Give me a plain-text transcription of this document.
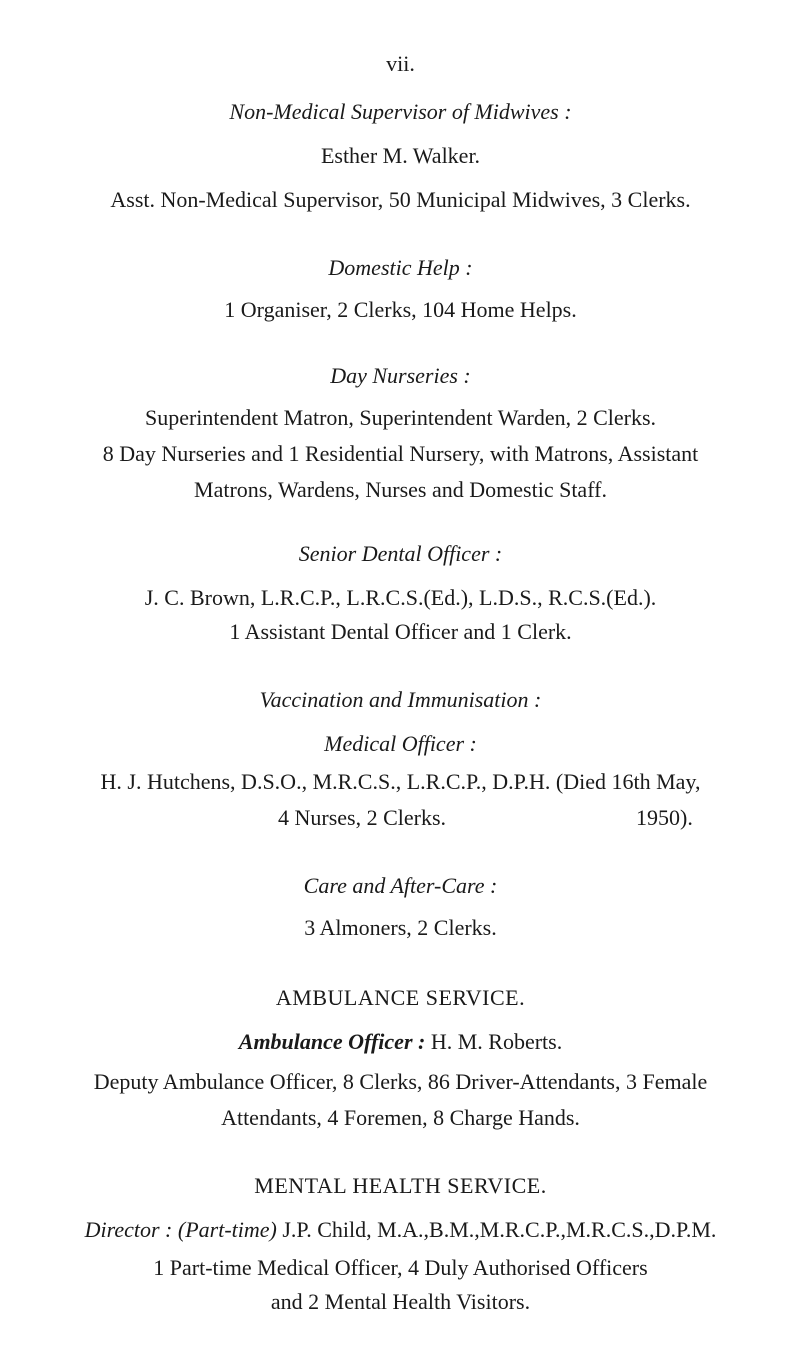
vii.
Non-Medical Supervisor of Midwives :
Esther M. Walker.
Asst. Non-Medical Supervisor, 50 Municipal Midwives, 3 Clerks.
Domestic Help :
1 Organiser, 2 Clerks, 104 Home Helps.
Day Nurseries :
Superintendent Matron, Superintendent Warden, 2 Clerks.
8 Day Nurseries and 1 Residential Nursery, with Matrons, Assistant
Matrons, Wardens, Nurses and Domestic Staff.
Senior Dental Officer :
J. C. Brown, L.R.C.P., L.R.C.S.(Ed.), L.D.S., R.C.S.(Ed.).
1 Assistant Dental Officer and 1 Clerk.
Vaccination and Immunisation :
Medical Officer :
H. J. Hutchens, D.S.O., M.R.C.S., L.R.C.P., D.P.H. (Died 16th May,
4 Nurses, 2 Clerks.	1950).
Care and After-Care :
3 Almoners, 2 Clerks.
AMBULANCE SERVICE.
Ambulance Officer : H. M. Roberts.
Deputy Ambulance Officer, 8 Clerks, 86 Driver-Attendants, 3 Female
Attendants, 4 Foremen, 8 Charge Hands.
MENTAL HEALTH SERVICE.
Director : (Part-time) J.P. Child, M.A.,B.M.,M.R.C.P.,M.R.C.S.,D.P.M.
1 Part-time Medical Officer, 4 Duly Authorised Officers
and 2 Mental Health Visitors.
